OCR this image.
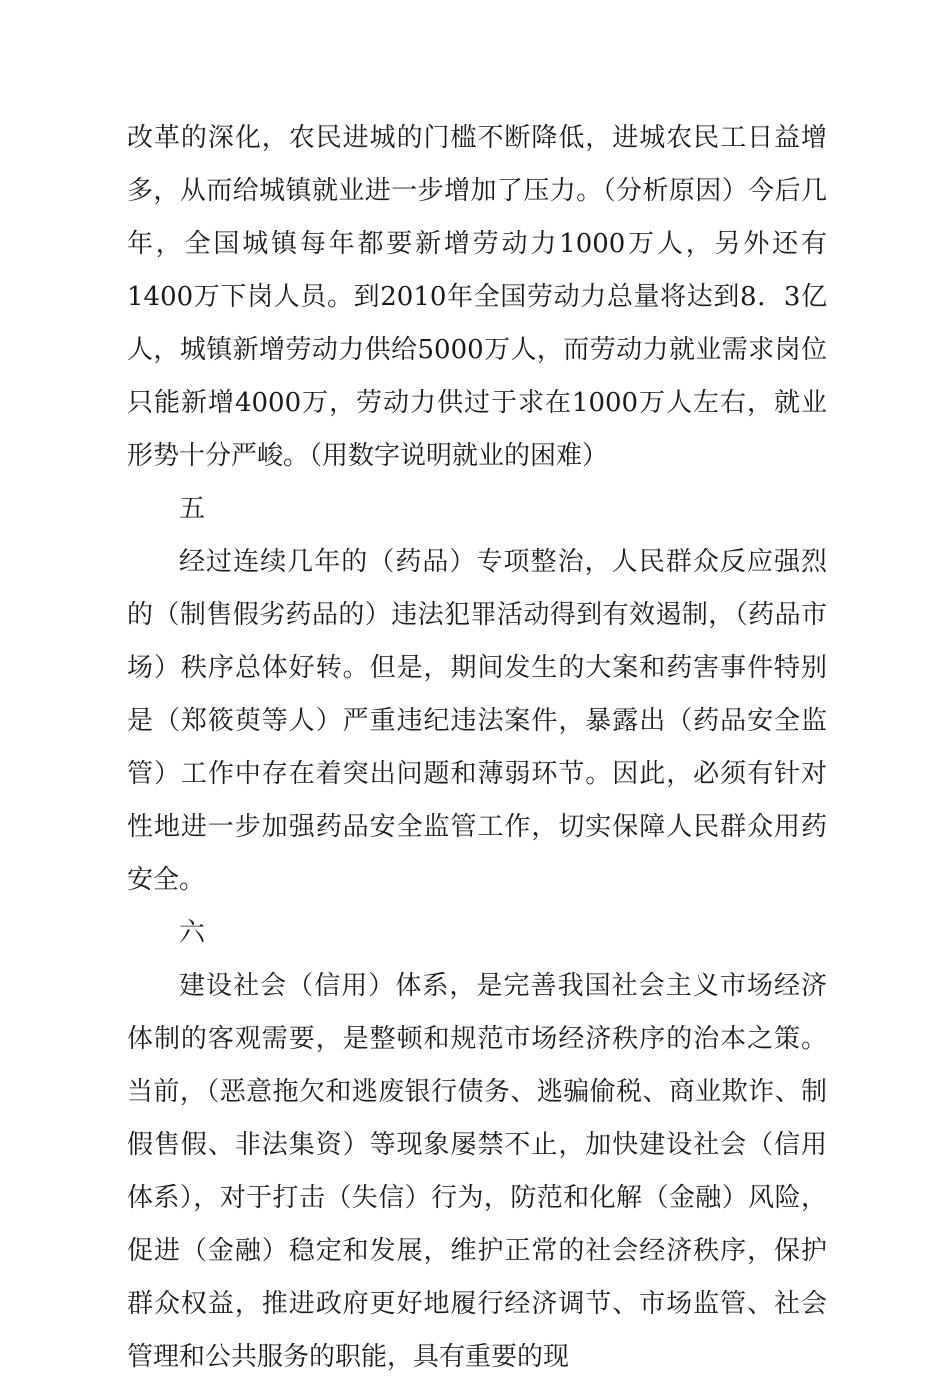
改革的深化，农民进城的门槛不断降低，进城农民工日益增多，从而给城镇就业进一步增加了压力。（分析原因）今后几年，全国城镇每年都要新增劳动力1000万人，另外还有1400万下岗人员。到2010年全国劳动力总量将达到8．3亿人，城镇新增劳动力供给5000万人，而劳动力就业需求岗位只能新增4000万，劳动力供过于求在1000万人左右，就业形势十分严峻。（用数字说明就业的困难）

五

经过连续几年的（药品）专项整治，人民群众反应强烈的（制售假劣药品的）违法犯罪活动得到有效遏制，（药品市场）秩序总体好转。但是，期间发生的大案和药害事件特别是（郑筱萸等人）严重违纪违法案件，暴露出（药品安全监管）工作中存在着突出问题和薄弱环节。因此，必须有针对性地进一步加强药品安全监管工作，切实保障人民群众用药安全。

六

建设社会（信用）体系，是完善我国社会主义市场经济体制的客观需要，是整顿和规范市场经济秩序的治本之策。当前，（恶意拖欠和逃废银行债务、逃骗偷税、商业欺诈、制假售假、非法集资）等现象屡禁不止，加快建设社会（信用体系），对于打击（失信）行为，防范和化解（金融）风险，促进（金融）稳定和发展，维护正常的社会经济秩序，保护群众权益，推进政府更好地履行经济调节、市场监管、社会管理和公共服务的职能，具有重要的现
